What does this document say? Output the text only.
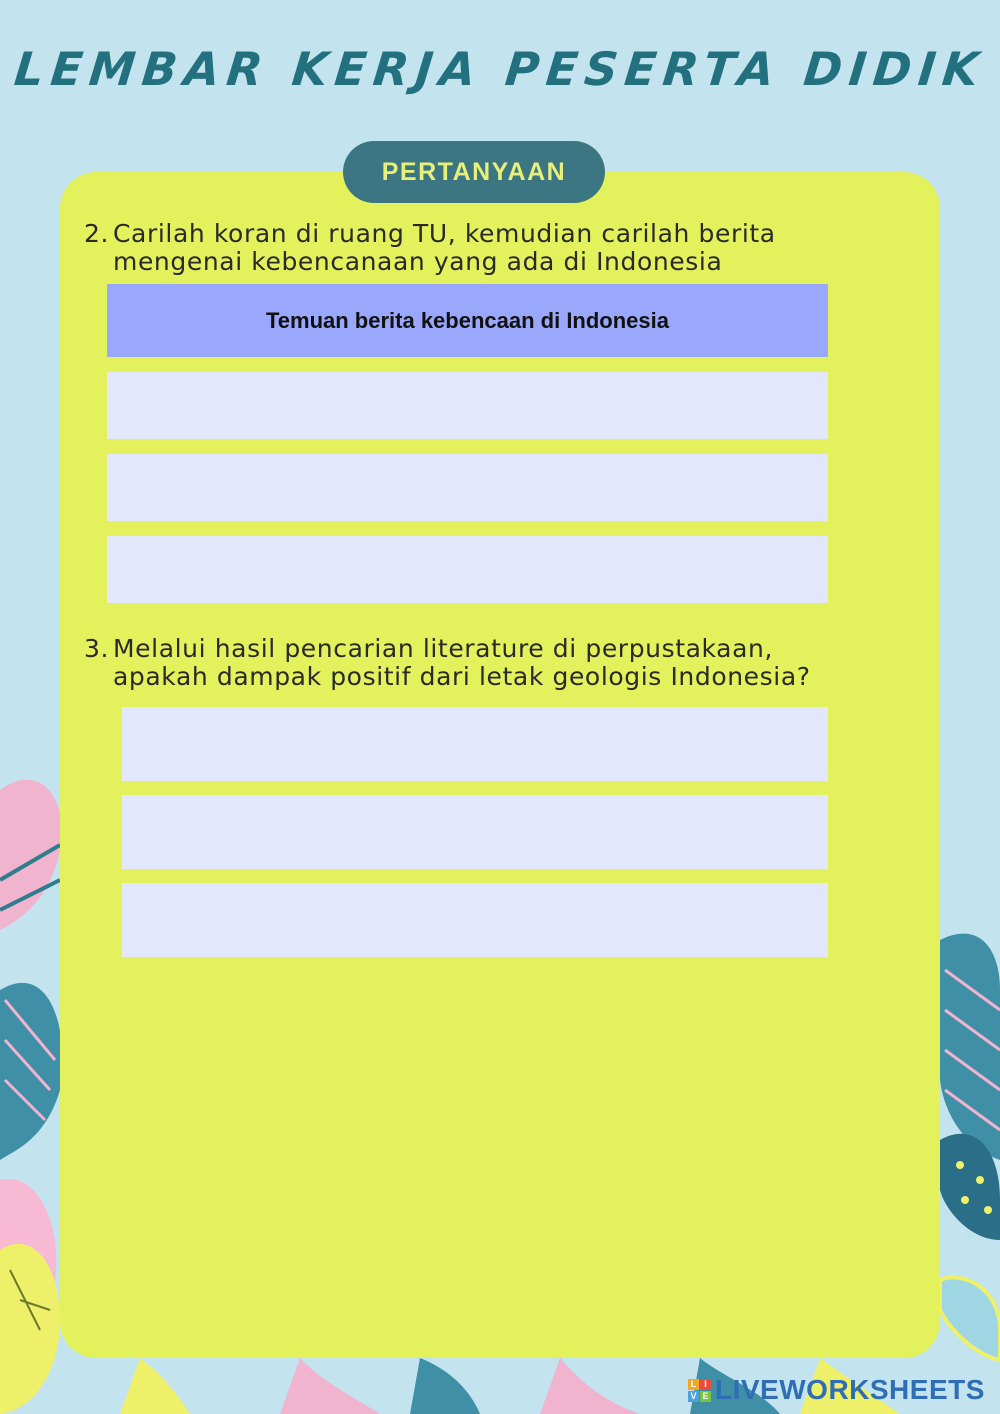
LEMBAR KERJA PESERTA DIDIK
PERTANYAAN
2. Carilah koran di ruang TU, kemudian carilah berita
mengenai kebencanaan yang ada di Indonesia
Temuan berita kebencaan di Indonesia
3. Melalui hasil pencarian literature di perpustakaan,
apakah dampak positif dari letak geologis Indonesia?
L I
V E LIVEWORKSHEETS
